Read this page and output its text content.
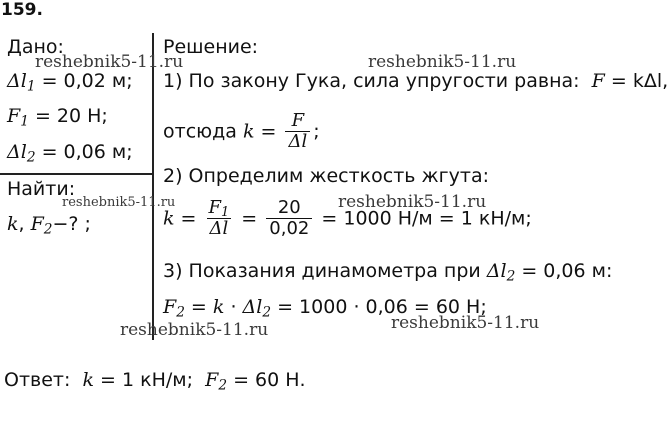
159.
Дано:
$\Delta l_1 = 0,02$ м;
$F_1 = 20$ Н;
$\Delta l_2 = 0,06$ м;
Найти:
k, $F_2-$? ;
Решение:
1) По закону Гука, сила упругости равна: F = kΔl,
отсюда $k = \frac{F}{\Delta l}$ ;
2) Определим жесткость жгута:
$k = \frac{F_1}{\Delta l} = \frac{20}{0,02} = 1000$ Н/м = 1 кН/м;
3) Показания динамометра при $\Delta l_2 = 0,06$ м:
$F_2 = k \cdot \Delta l_2 = 1000 \cdot 0,06 = 60$ Н;
Ответ: k = 1 кН/м; $F_2 = 60$ Н.
reshebnik5-11.ru	reshebnik5-11.ru
reshebnik5-11.ru	reshebnik5-11.ru
reshebnik5-11.ru	reshebnik5-11.ru
